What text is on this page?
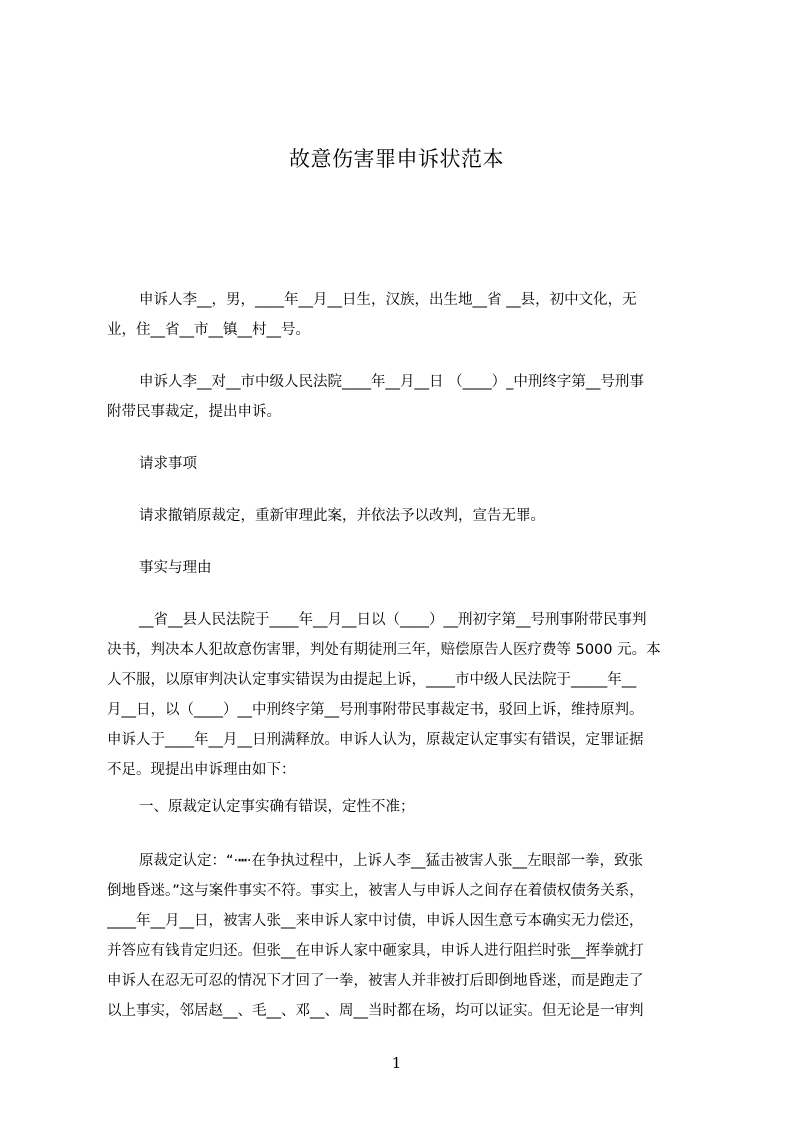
故意伤害罪申诉状范本
申诉人李__，男，____年__月__日生，汉族，出生地__省 __县，初中文化，无
业，住__省__市__镇__村__号。
申诉人李__对__市中级人民法院____年__月__日 （____）_中刑终字第__号刑事
附带民事裁定，提出申诉。
请求事项
请求撤销原裁定，重新审理此案，并依法予以改判，宣告无罪。
事实与理由
__省__县人民法院于____年__月__日以（____）__刑初字第__号刑事附带民事判
决书，判决本人犯故意伤害罪，判处有期徒刑三年，赔偿原告人医疗费等 5000 元。本
人不服，以原审判决认定事实错误为由提起上诉，____市中级人民法院于_____年__
月__日，以（____）__中刑终字第__号刑事附带民事裁定书，驳回上诉，维持原判。
申诉人于____年__月__日刑满释放。申诉人认为，原裁定认定事实有错误，定罪证据
不足。现提出申诉理由如下：
一、原裁定认定事实确有错误，定性不准；
原裁定认定：“·┅·在争执过程中，上诉人李__猛击被害人张__左眼部一拳，致张
倒地昏迷。”这与案件事实不符。事实上，被害人与申诉人之间存在着债权债务关系，
____年__月__日，被害人张__来申诉人家中讨债，申诉人因生意亏本确实无力偿还，
并答应有钱肯定归还。但张__在申诉人家中砸家具，申诉人进行阻拦时张__挥拳就打
申诉人在忍无可忍的情况下才回了一拳，被害人并非被打后即倒地昏迷，而是跑走了
以上事实，邻居赵__、毛__、邓__、周__当时都在场，均可以证实。但无论是一审判
1
